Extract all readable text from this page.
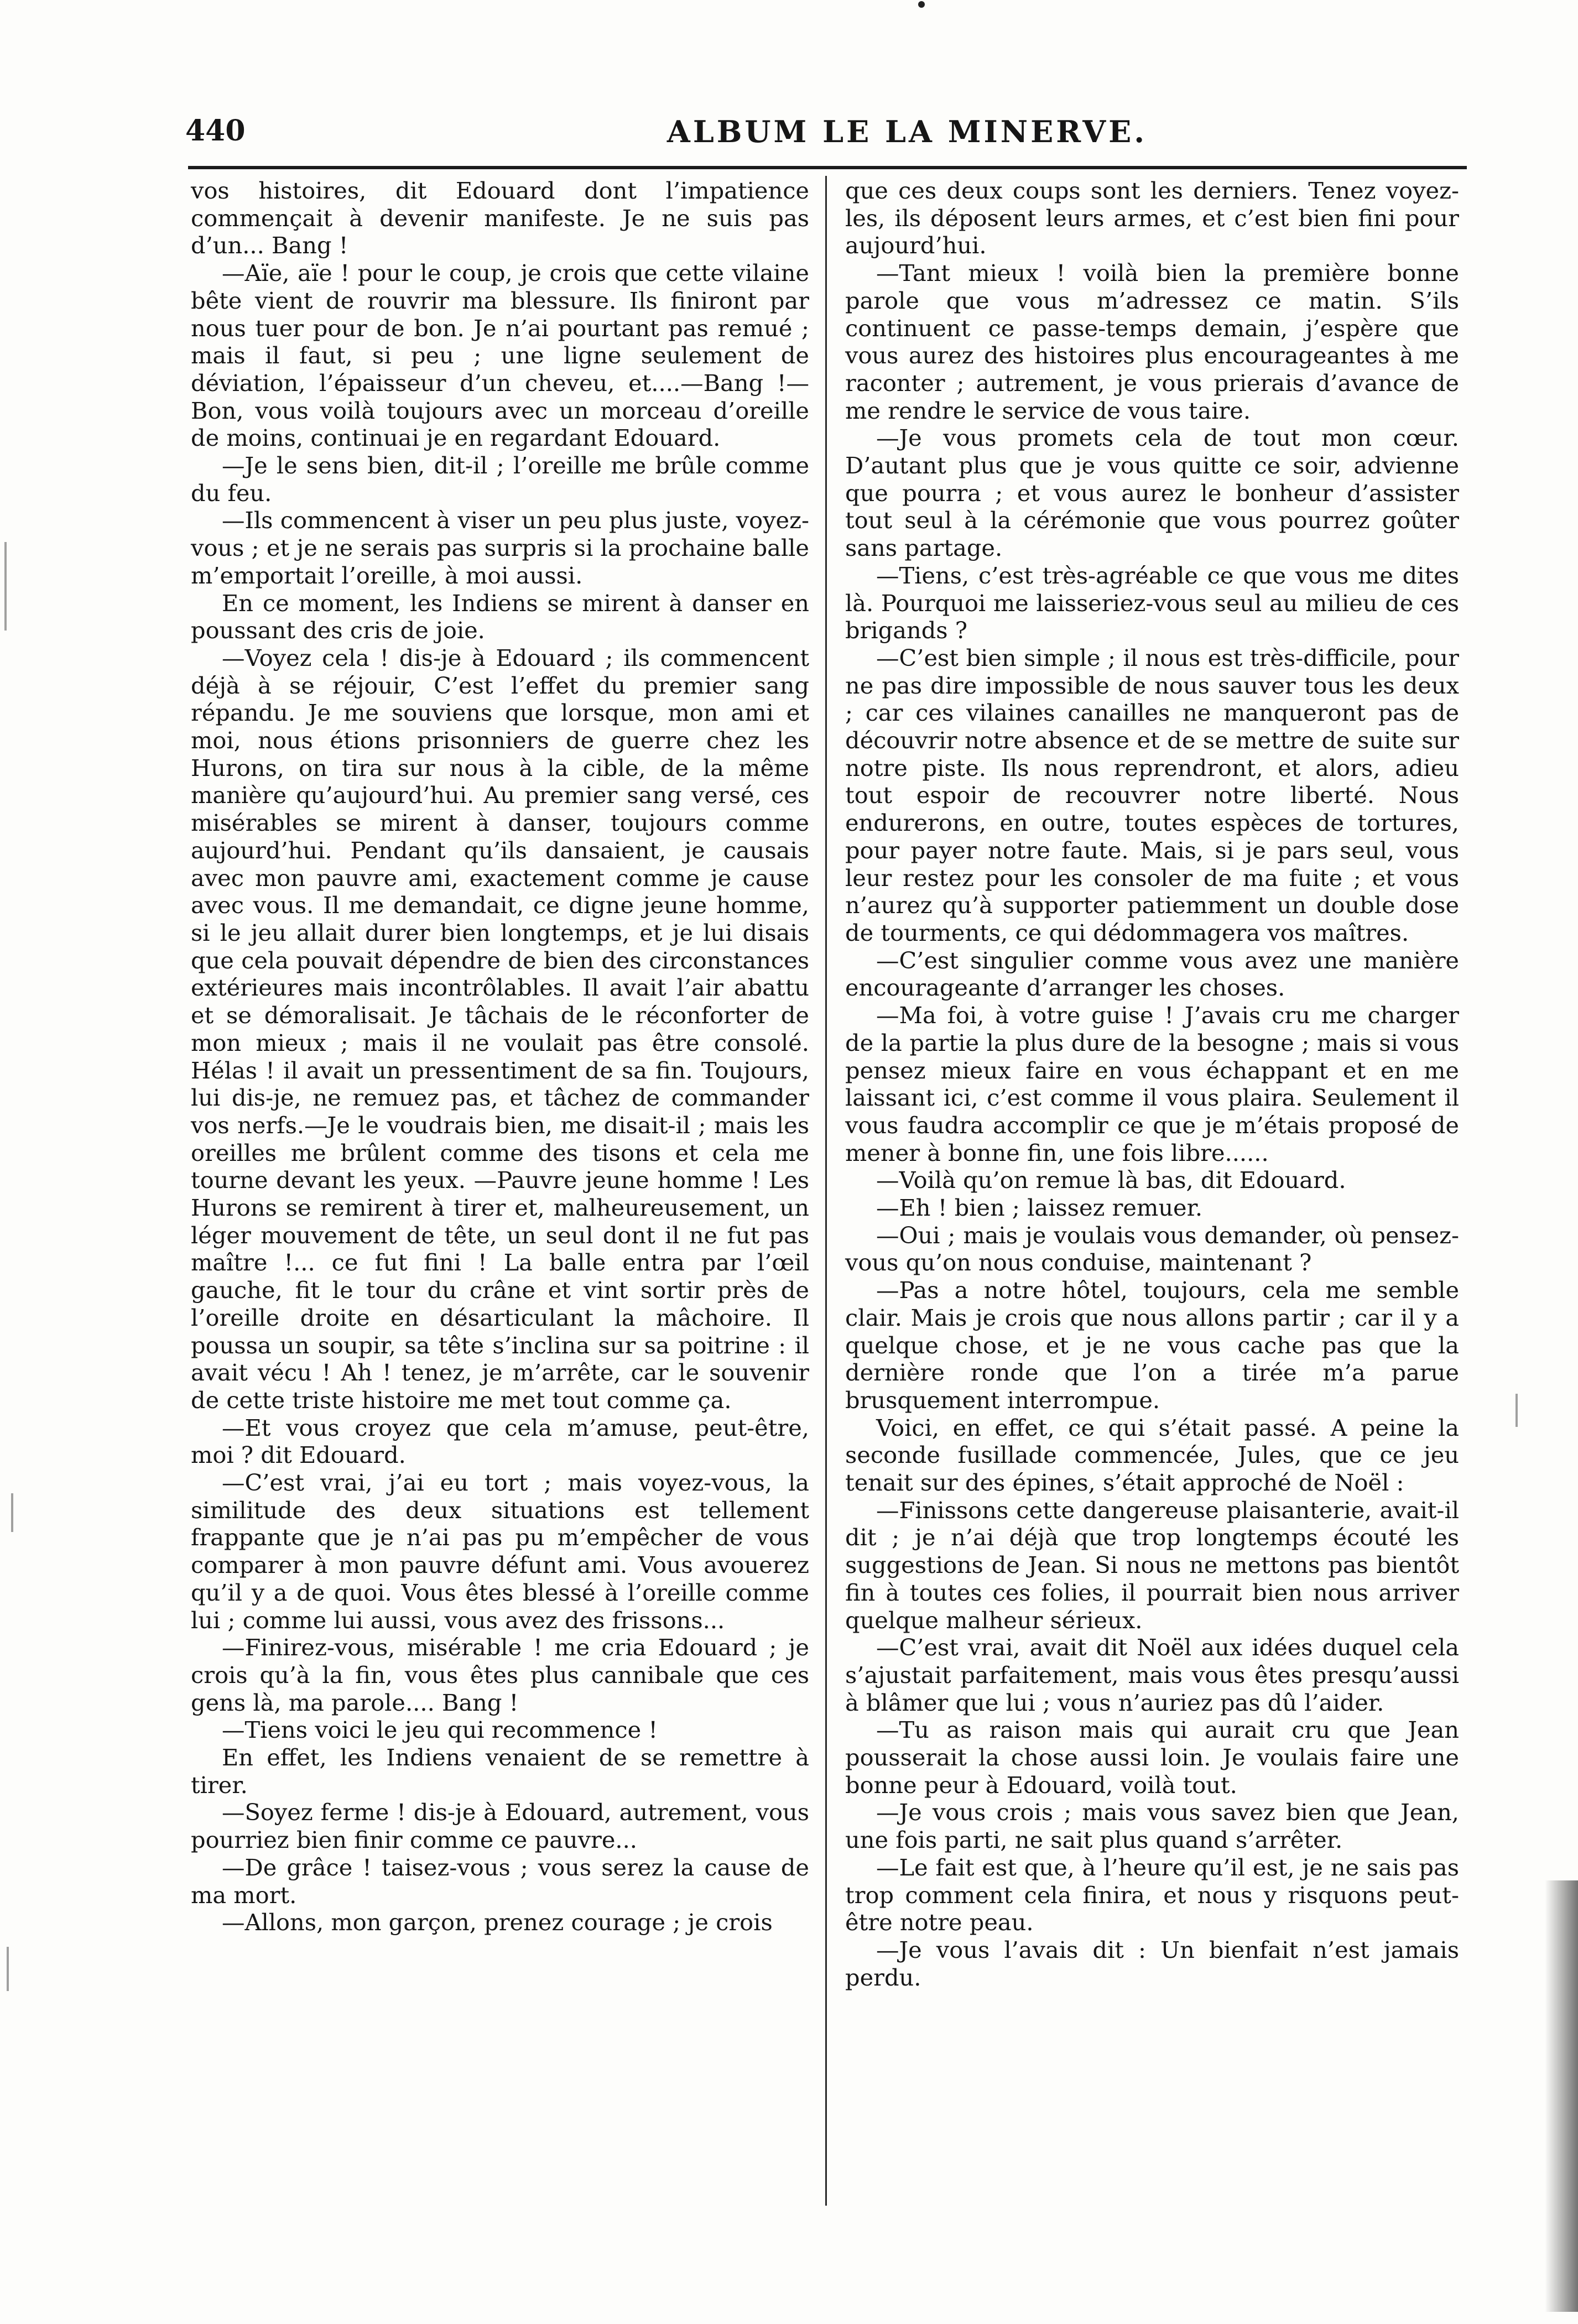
440	ALBUM LE LA MINERVE.

vos histoires, dit Edouard dont l’impatience commençait à devenir manifeste. Je ne suis pas d’un... Bang !

—Aïe, aïe ! pour le coup, je crois que cette vilaine bête vient de rouvrir ma blessure. Ils finiront par nous tuer pour de bon. Je n’ai pourtant pas remué ; mais il faut, si peu ; une ligne seulement de déviation, l’épaisseur d’un cheveu, et....—Bang !—Bon, vous voilà toujours avec un morceau d’oreille de moins, continuai je en regardant Edouard.

—Je le sens bien, dit-il ; l’oreille me brûle comme du feu.

—Ils commencent à viser un peu plus juste, voyez-vous ; et je ne serais pas surpris si la prochaine balle m’emportait l’oreille, à moi aussi.

En ce moment, les Indiens se mirent à danser en poussant des cris de joie.

—Voyez cela ! dis-je à Edouard ; ils commencent déjà à se réjouir, C’est l’effet du premier sang répandu. Je me souviens que lorsque, mon ami et moi, nous étions prisonniers de guerre chez les Hurons, on tira sur nous à la cible, de la même manière qu’aujourd’hui. Au premier sang versé, ces misérables se mirent à danser, toujours comme aujourd’hui. Pendant qu’ils dansaient, je causais avec mon pauvre ami, exactement comme je cause avec vous. Il me demandait, ce digne jeune homme, si le jeu allait durer bien longtemps, et je lui disais que cela pouvait dépendre de bien des circonstances extérieures mais incontrôlables. Il avait l’air abattu et se démoralisait. Je tâchais de le réconforter de mon mieux ; mais il ne voulait pas être consolé. Hélas ! il avait un pressentiment de sa fin. Toujours, lui dis-je, ne remuez pas, et tâchez de commander vos nerfs.—Je le voudrais bien, me disait-il ; mais les oreilles me brûlent comme des tisons et cela me tourne devant les yeux. —Pauvre jeune homme ! Les Hurons se remirent à tirer et, malheureusement, un léger mouvement de tête, un seul dont il ne fut pas maître !... ce fut fini ! La balle entra par l’œil gauche, fit le tour du crâne et vint sortir près de l’oreille droite en désarticulant la mâchoire. Il poussa un soupir, sa tête s’inclina sur sa poitrine : il avait vécu ! Ah ! tenez, je m’arrête, car le souvenir de cette triste histoire me met tout comme ça.

—Et vous croyez que cela m’amuse, peut-être, moi ? dit Edouard.

—C’est vrai, j’ai eu tort ; mais voyez-vous, la similitude des deux situations est tellement frappante que je n’ai pas pu m’empêcher de vous comparer à mon pauvre défunt ami. Vous avouerez qu’il y a de quoi. Vous êtes blessé à l’oreille comme lui ; comme lui aussi, vous avez des frissons...

—Finirez-vous, misérable ! me cria Edouard ; je crois qu’à la fin, vous êtes plus cannibale que ces gens là, ma parole.... Bang !

—Tiens voici le jeu qui recommence !

En effet, les Indiens venaient de se remettre à tirer.

—Soyez ferme ! dis-je à Edouard, autrement, vous pourriez bien finir comme ce pauvre...

—De grâce ! taisez-vous ; vous serez la cause de ma mort.

—Allons, mon garçon, prenez courage ; je crois

que ces deux coups sont les derniers. Tenez voyez-les, ils déposent leurs armes, et c’est bien fini pour aujourd’hui.

—Tant mieux ! voilà bien la première bonne parole que vous m’adressez ce matin. S’ils continuent ce passe-temps demain, j’espère que vous aurez des histoires plus encourageantes à me raconter ; autrement, je vous prierais d’avance de me rendre le service de vous taire.

—Je vous promets cela de tout mon cœur. D’autant plus que je vous quitte ce soir, advienne que pourra ; et vous aurez le bonheur d’assister tout seul à la cérémonie que vous pourrez goûter sans partage.

—Tiens, c’est très-agréable ce que vous me dites là. Pourquoi me laisseriez-vous seul au milieu de ces brigands ?

—C’est bien simple ; il nous est très-difficile, pour ne pas dire impossible de nous sauver tous les deux ; car ces vilaines canailles ne manqueront pas de découvrir notre absence et de se mettre de suite sur notre piste. Ils nous reprendront, et alors, adieu tout espoir de recouvrer notre liberté. Nous endurerons, en outre, toutes espèces de tortures, pour payer notre faute. Mais, si je pars seul, vous leur restez pour les consoler de ma fuite ; et vous n’aurez qu’à supporter patiemment un double dose de tourments, ce qui dédommagera vos maîtres.

—C’est singulier comme vous avez une manière encourageante d’arranger les choses.

—Ma foi, à votre guise ! J’avais cru me charger de la partie la plus dure de la besogne ; mais si vous pensez mieux faire en vous échappant et en me laissant ici, c’est comme il vous plaira. Seulement il vous faudra accomplir ce que je m’étais proposé de mener à bonne fin, une fois libre......

—Voilà qu’on remue là bas, dit Edouard.

—Eh ! bien ; laissez remuer.

—Oui ; mais je voulais vous demander, où pensez-vous qu’on nous conduise, maintenant ?

—Pas a notre hôtel, toujours, cela me semble clair. Mais je crois que nous allons partir ; car il y a quelque chose, et je ne vous cache pas que la dernière ronde que l’on a tirée m’a parue brusquement interrompue.

Voici, en effet, ce qui s’était passé. A peine la seconde fusillade commencée, Jules, que ce jeu tenait sur des épines, s’était approché de Noël :

—Finissons cette dangereuse plaisanterie, avait-il dit ; je n’ai déjà que trop longtemps écouté les suggestions de Jean. Si nous ne mettons pas bientôt fin à toutes ces folies, il pourrait bien nous arriver quelque malheur sérieux.

—C’est vrai, avait dit Noël aux idées duquel cela s’ajustait parfaitement, mais vous êtes presqu’aussi à blâmer que lui ; vous n’auriez pas dû l’aider.

—Tu as raison mais qui aurait cru que Jean pousserait la chose aussi loin. Je voulais faire une bonne peur à Edouard, voilà tout.

—Je vous crois ; mais vous savez bien que Jean, une fois parti, ne sait plus quand s’arrêter.

—Le fait est que, à l’heure qu’il est, je ne sais pas trop comment cela finira, et nous y risquons peut-être notre peau.

—Je vous l’avais dit : Un bienfait n’est jamais perdu.
